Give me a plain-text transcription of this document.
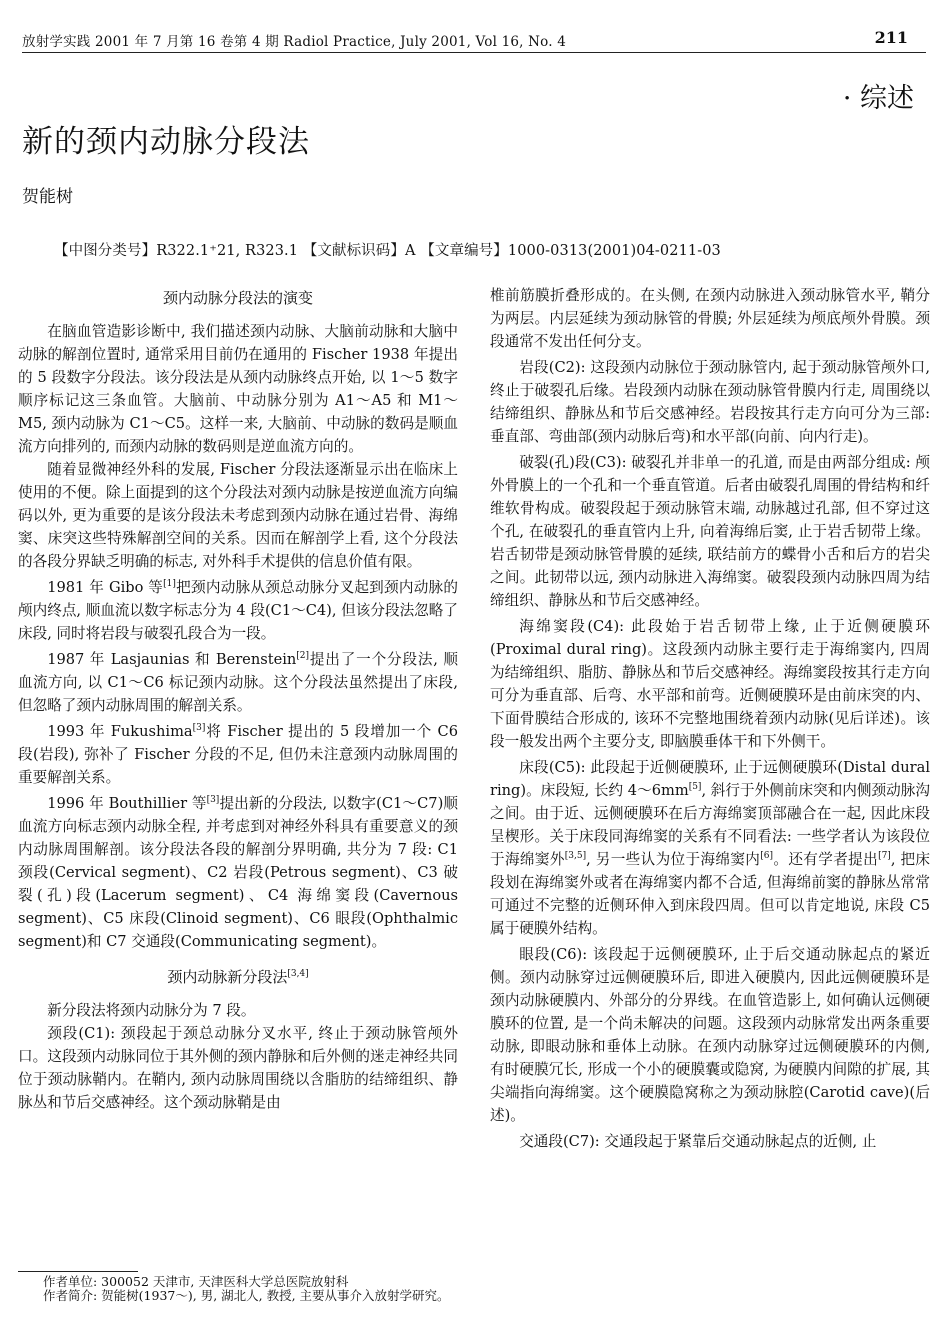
放射学实践 2001 年 7 月第 16 卷第 4 期 Radiol Practice, July 2001, Vol 16, No. 4	211
· 综述
新的颈内动脉分段法
贺能树
【中图分类号】R322.1⁺21, R323.1 【文献标识码】A 【文章编号】1000-0313(2001)04-0211-03
颈内动脉分段法的演变

在脑血管造影诊断中, 我们描述颈内动脉、大脑前动脉和大脑中动脉的解剖位置时, 通常采用目前仍在通用的 Fischer 1938 年提出的 5 段数字分段法。该分段法是从颈内动脉终点开始, 以 1～5 数字顺序标记这三条血管。大脑前、中动脉分别为 A1～A5 和 M1～M5, 颈内动脉为 C1～C5。这样一来, 大脑前、中动脉的数码是顺血流方向排列的, 而颈内动脉的数码则是逆血流方向的。

随着显微神经外科的发展, Fischer 分段法逐渐显示出在临床上使用的不便。除上面提到的这个分段法对颈内动脉是按逆血流方向编码以外, 更为重要的是该分段法未考虑到颈内动脉在通过岩骨、海绵窦、床突这些特殊解剖空间的关系。因而在解剖学上看, 这个分段法的各段分界缺乏明确的标志, 对外科手术提供的信息价值有限。

1981 年 Gibo 等[1]把颈内动脉从颈总动脉分叉起到颈内动脉的颅内终点, 顺血流以数字标志分为 4 段(C1～C4), 但该分段法忽略了床段, 同时将岩段与破裂孔段合为一段。

1987 年 Lasjaunias 和 Berenstein[2]提出了一个分段法, 顺血流方向, 以 C1～C6 标记颈内动脉。这个分段法虽然提出了床段, 但忽略了颈内动脉周围的解剖关系。

1993 年 Fukushima[3]将 Fischer 提出的 5 段增加一个 C6 段(岩段), 弥补了 Fischer 分段的不足, 但仍未注意颈内动脉周围的重要解剖关系。

1996 年 Bouthillier 等[3]提出新的分段法, 以数字(C1～C7)顺血流方向标志颈内动脉全程, 并考虑到对神经外科具有重要意义的颈内动脉周围解剖。该分段法各段的解剖分界明确, 共分为 7 段: C1 颈段(Cervical segment)、C2 岩段(Petrous segment)、C3 破裂(孔)段(Lacerum segment)、C4 海绵窦段(Cavernous segment)、C5 床段(Clinoid segment)、C6 眼段(Ophthalmic segment)和 C7 交通段(Communicating segment)。

颈内动脉新分段法[3,4]

新分段法将颈内动脉分为 7 段。

颈段(C1): 颈段起于颈总动脉分叉水平, 终止于颈动脉管颅外口。这段颈内动脉同位于其外侧的颈内静脉和后外侧的迷走神经共同位于颈动脉鞘内。在鞘内, 颈内动脉周围绕以含脂肪的结缔组织、静脉丛和节后交感神经。这个颈动脉鞘是由

椎前筋膜折叠形成的。在头侧, 在颈内动脉进入颈动脉管水平, 鞘分为两层。内层延续为颈动脉管的骨膜; 外层延续为颅底颅外骨膜。颈段通常不发出任何分支。

岩段(C2): 这段颈内动脉位于颈动脉管内, 起于颈动脉管颅外口, 终止于破裂孔后缘。岩段颈内动脉在颈动脉管骨膜内行走, 周围绕以结缔组织、静脉丛和节后交感神经。岩段按其行走方向可分为三部: 垂直部、弯曲部(颈内动脉后弯)和水平部(向前、向内行走)。

破裂(孔)段(C3): 破裂孔并非单一的孔道, 而是由两部分组成: 颅外骨膜上的一个孔和一个垂直管道。后者由破裂孔周围的骨结构和纤维软骨构成。破裂段起于颈动脉管末端, 动脉越过孔部, 但不穿过这个孔, 在破裂孔的垂直管内上升, 向着海绵后窦, 止于岩舌韧带上缘。岩舌韧带是颈动脉管骨膜的延续, 联结前方的蝶骨小舌和后方的岩尖之间。此韧带以远, 颈内动脉进入海绵窦。破裂段颈内动脉四周为结缔组织、静脉丛和节后交感神经。

海绵窦段(C4): 此段始于岩舌韧带上缘, 止于近侧硬膜环(Proximal dural ring)。这段颈内动脉主要行走于海绵窦内, 四周为结缔组织、脂肪、静脉丛和节后交感神经。海绵窦段按其行走方向可分为垂直部、后弯、水平部和前弯。近侧硬膜环是由前床突的内、下面骨膜结合形成的, 该环不完整地围绕着颈内动脉(见后详述)。该段一般发出两个主要分支, 即脑膜垂体干和下外侧干。

床段(C5): 此段起于近侧硬膜环, 止于远侧硬膜环(Distal dural ring)。床段短, 长约 4～6mm[5], 斜行于外侧前床突和内侧颈动脉沟之间。由于近、远侧硬膜环在后方海绵窦顶部融合在一起, 因此床段呈楔形。关于床段同海绵窦的关系有不同看法: 一些学者认为该段位于海绵窦外[3,5], 另一些认为位于海绵窦内[6]。还有学者提出[7], 把床段划在海绵窦外或者在海绵窦内都不合适, 但海绵前窦的静脉丛常常可通过不完整的近侧环伸入到床段四周。但可以肯定地说, 床段 C5 属于硬膜外结构。

眼段(C6): 该段起于远侧硬膜环, 止于后交通动脉起点的紧近侧。颈内动脉穿过远侧硬膜环后, 即进入硬膜内, 因此远侧硬膜环是颈内动脉硬膜内、外部分的分界线。在血管造影上, 如何确认远侧硬膜环的位置, 是一个尚未解决的问题。这段颈内动脉常发出两条重要动脉, 即眼动脉和垂体上动脉。在颈内动脉穿过远侧硬膜环的内侧, 有时硬膜冗长, 形成一个小的硬膜囊或隐窝, 为硬膜内间隙的扩展, 其尖端指向海绵窦。这个硬膜隐窝称之为颈动脉腔(Carotid cave)(后述)。

交通段(C7): 交通段起于紧靠后交通动脉起点的近侧, 止

作者单位: 300052 天津市, 天津医科大学总医院放射科
作者简介: 贺能树(1937～), 男, 湖北人, 教授, 主要从事介入放射学研究。
